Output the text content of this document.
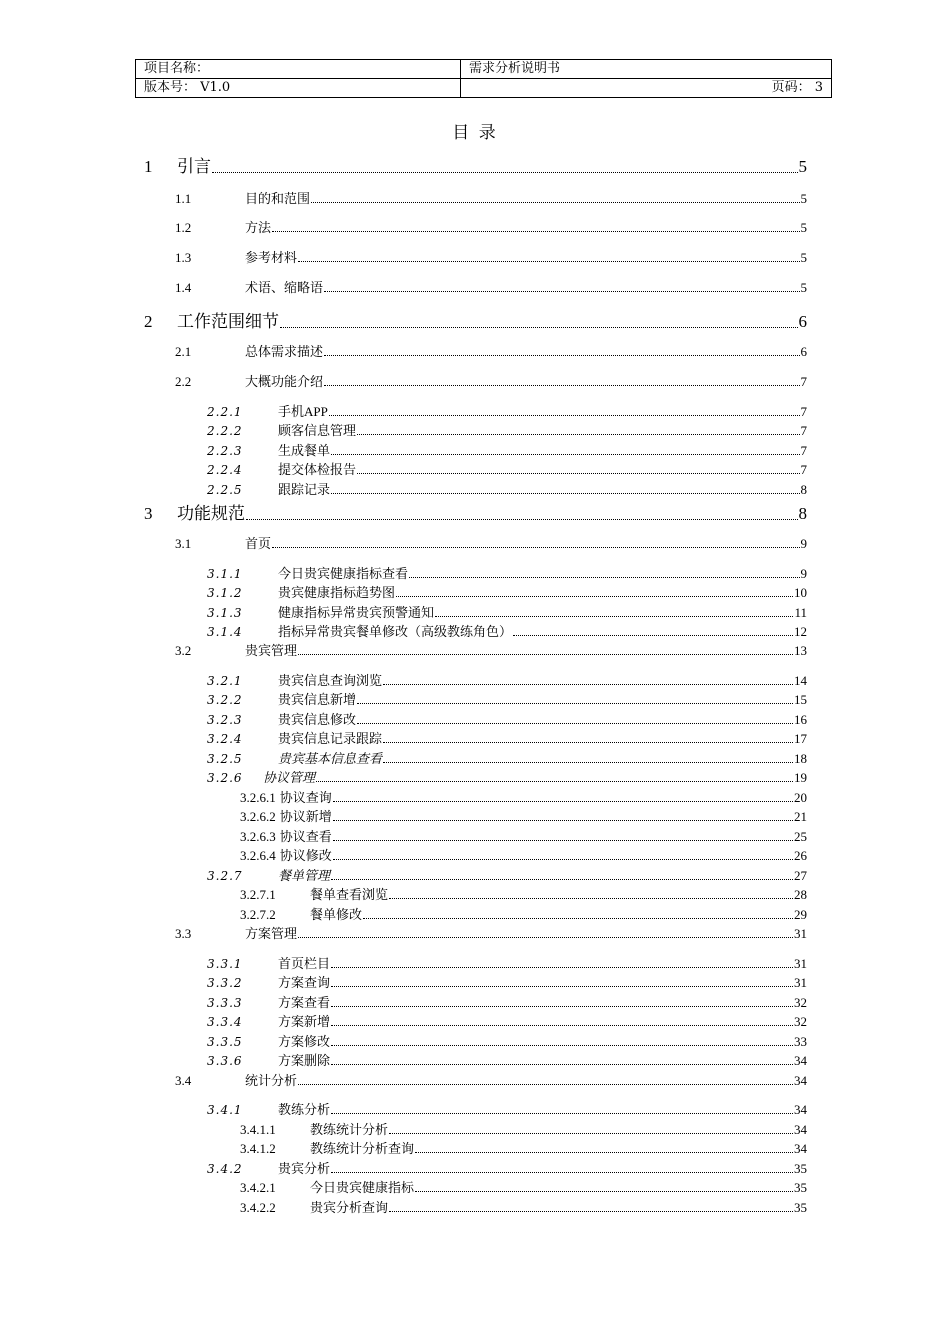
项目名称：	需求分析说明书
版本号： V1.0	页码： 3
目 录
1	引言	5
1.1	目的和范围	5
1.2	方法	5
1.3	参考材料	5
1.4	术语、缩略语	5
2	工作范围细节	6
2.1	总体需求描述	6
2.2	大概功能介绍	7
2.2.1	手机APP	7
2.2.2	顾客信息管理	7
2.2.3	生成餐单	7
2.2.4	提交体检报告	7
2.2.5	跟踪记录	8
3	功能规范	8
3.1	首页	9
3.1.1	今日贵宾健康指标查看	9
3.1.2	贵宾健康指标趋势图	10
3.1.3	健康指标异常贵宾预警通知	11
3.1.4	指标异常贵宾餐单修改（高级教练角色）	12
3.2	贵宾管理	13
3.2.1	贵宾信息查询浏览	14
3.2.2	贵宾信息新增	15
3.2.3	贵宾信息修改	16
3.2.4	贵宾信息记录跟踪	17
3.2.5	贵宾基本信息查看	18
3.2.6	协议管理	19
3.2.6.1 协议查询	20
3.2.6.2 协议新增	21
3.2.6.3 协议查看	25
3.2.6.4 协议修改	26
3.2.7	餐单管理	27
3.2.7.1	餐单查看浏览	28
3.2.7.2	餐单修改	29
3.3	方案管理	31
3.3.1	首页栏目	31
3.3.2	方案查询	31
3.3.3	方案查看	32
3.3.4	方案新增	32
3.3.5	方案修改	33
3.3.6	方案删除	34
3.4	统计分析	34
3.4.1	教练分析	34
3.4.1.1	教练统计分析	34
3.4.1.2	教练统计分析查询	34
3.4.2	贵宾分析	35
3.4.2.1	今日贵宾健康指标	35
3.4.2.2	贵宾分析查询	35
